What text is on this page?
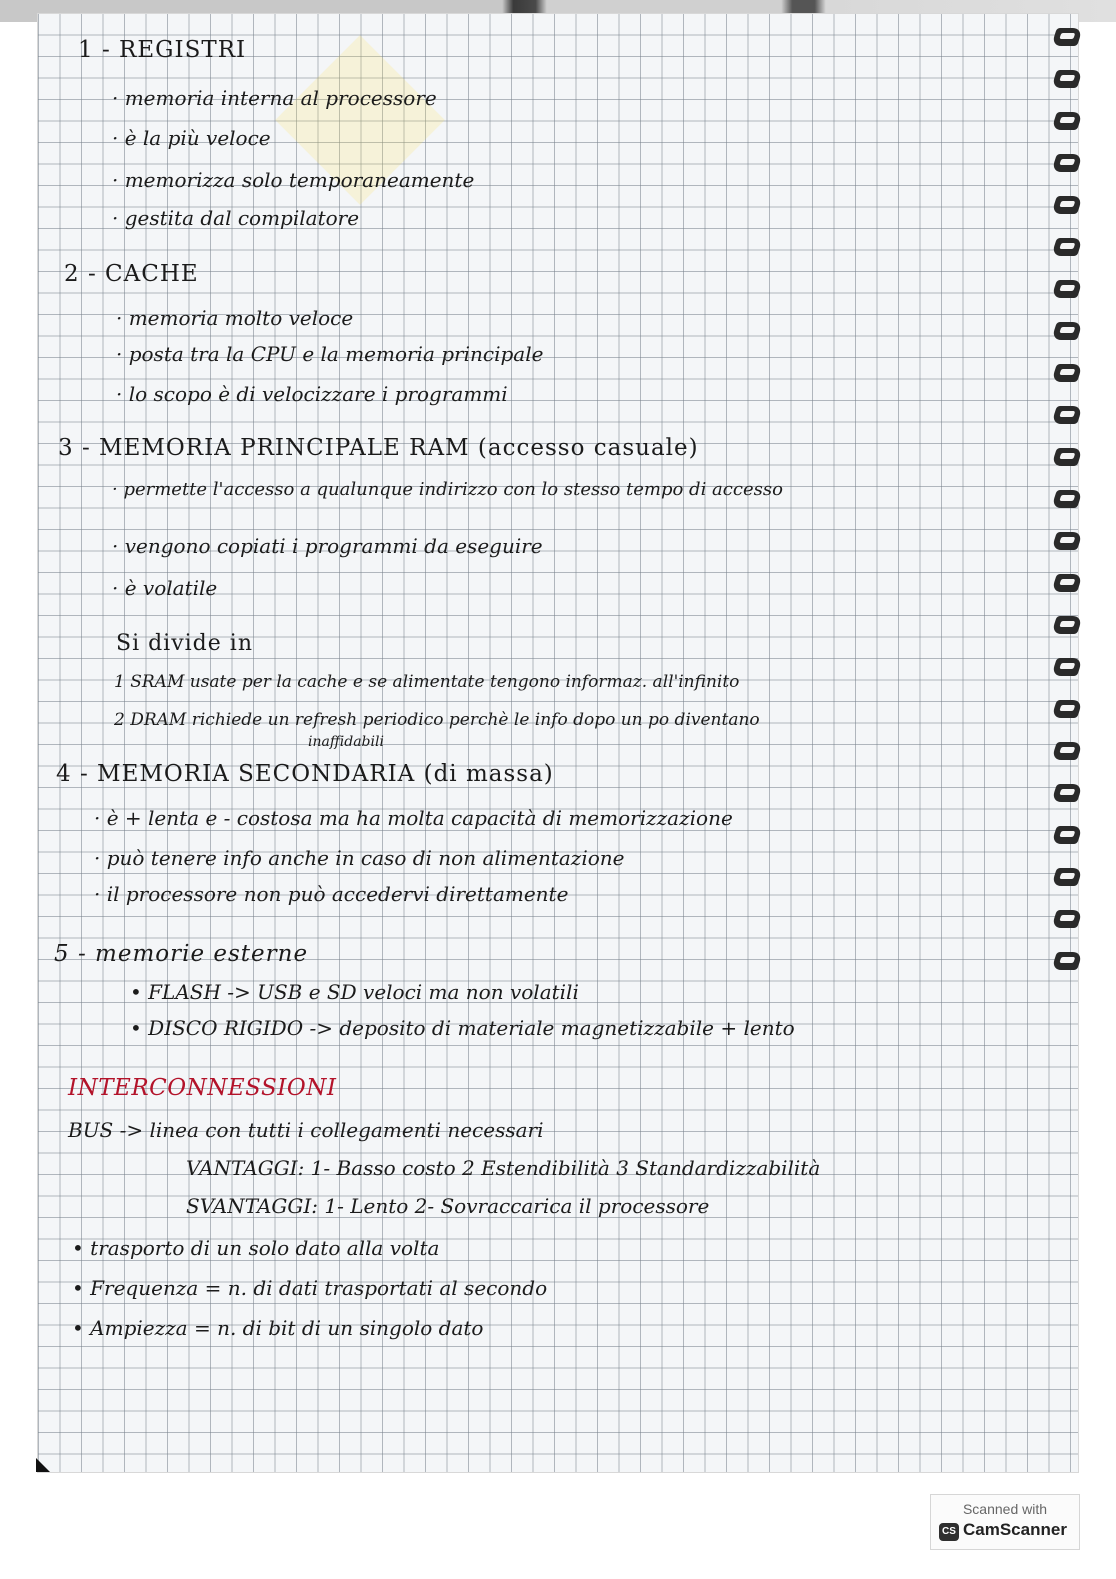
1 - REGISTRI
· memoria interna al processore
· è la più veloce
· memorizza solo temporaneamente
· gestita dal compilatore
2 - CACHE
· memoria molto veloce
· posta tra la CPU e la memoria principale
· lo scopo è di velocizzare i programmi
3 - MEMORIA PRINCIPALE RAM (accesso casuale)
· permette l'accesso a qualunque indirizzo con lo stesso tempo di accesso
· vengono copiati i programmi da eseguire
· è volatile
Si divide in
1 SRAM usate per la cache e se alimentate tengono informaz. all'infinito
2 DRAM richiede un refresh periodico perchè le info dopo un po diventano
inaffidabili
4 - MEMORIA SECONDARIA (di massa)
· è + lenta e - costosa ma ha molta capacità di memorizzazione
· può tenere info anche in caso di non alimentazione
· il processore non può accedervi direttamente
5 - memorie esterne
• FLASH -> USB e SD veloci ma non volatili
• DISCO RIGIDO -> deposito di materiale magnetizzabile + lento
INTERCONNESSIONI
BUS -> linea con tutti i collegamenti necessari
VANTAGGI: 1- Basso costo 2 Estendibilità 3 Standardizzabilità
SVANTAGGI: 1- Lento 2- Sovraccarica il processore
• trasporto di un solo dato alla volta
• Frequenza = n. di dati trasportati al secondo
• Ampiezza = n. di bit di un singolo dato
Scanned with
CS CamScanner
